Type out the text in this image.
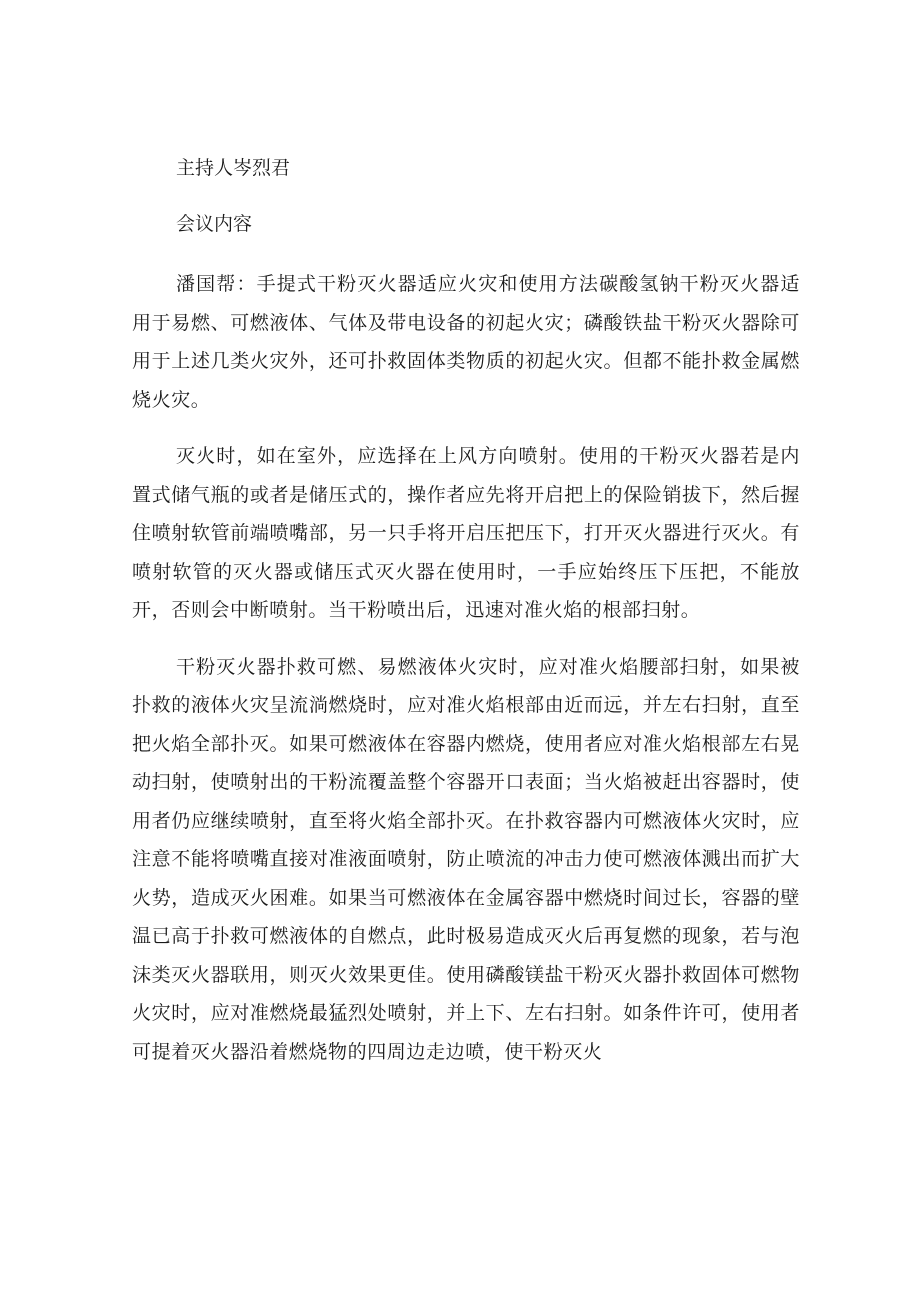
主持人岑烈君

会议内容

潘国帮：手提式干粉灭火器适应火灾和使用方法碳酸氢钠干粉灭火器适用于易燃、可燃液体、气体及带电设备的初起火灾；磷酸铁盐干粉灭火器除可用于上述几类火灾外，还可扑救固体类物质的初起火灾。但都不能扑救金属燃烧火灾。

灭火时，如在室外，应选择在上风方向喷射。使用的干粉灭火器若是内置式储气瓶的或者是储压式的，操作者应先将开启把上的保险销拔下，然后握住喷射软管前端喷嘴部，另一只手将开启压把压下，打开灭火器进行灭火。有喷射软管的灭火器或储压式灭火器在使用时，一手应始终压下压把，不能放开，否则会中断喷射。当干粉喷出后，迅速对准火焰的根部扫射。

干粉灭火器扑救可燃、易燃液体火灾时，应对准火焰腰部扫射，如果被扑救的液体火灾呈流淌燃烧时，应对准火焰根部由近而远，并左右扫射，直至把火焰全部扑灭。如果可燃液体在容器内燃烧，使用者应对准火焰根部左右晃动扫射，使喷射出的干粉流覆盖整个容器开口表面；当火焰被赶出容器时，使用者仍应继续喷射，直至将火焰全部扑灭。在扑救容器内可燃液体火灾时，应注意不能将喷嘴直接对准液面喷射，防止喷流的冲击力使可燃液体溅出而扩大火势，造成灭火困难。如果当可燃液体在金属容器中燃烧时间过长，容器的壁温已高于扑救可燃液体的自燃点，此时极易造成灭火后再复燃的现象，若与泡沫类灭火器联用，则灭火效果更佳。使用磷酸镁盐干粉灭火器扑救固体可燃物火灾时，应对准燃烧最猛烈处喷射，并上下、左右扫射。如条件许可，使用者可提着灭火器沿着燃烧物的四周边走边喷，使干粉灭火
